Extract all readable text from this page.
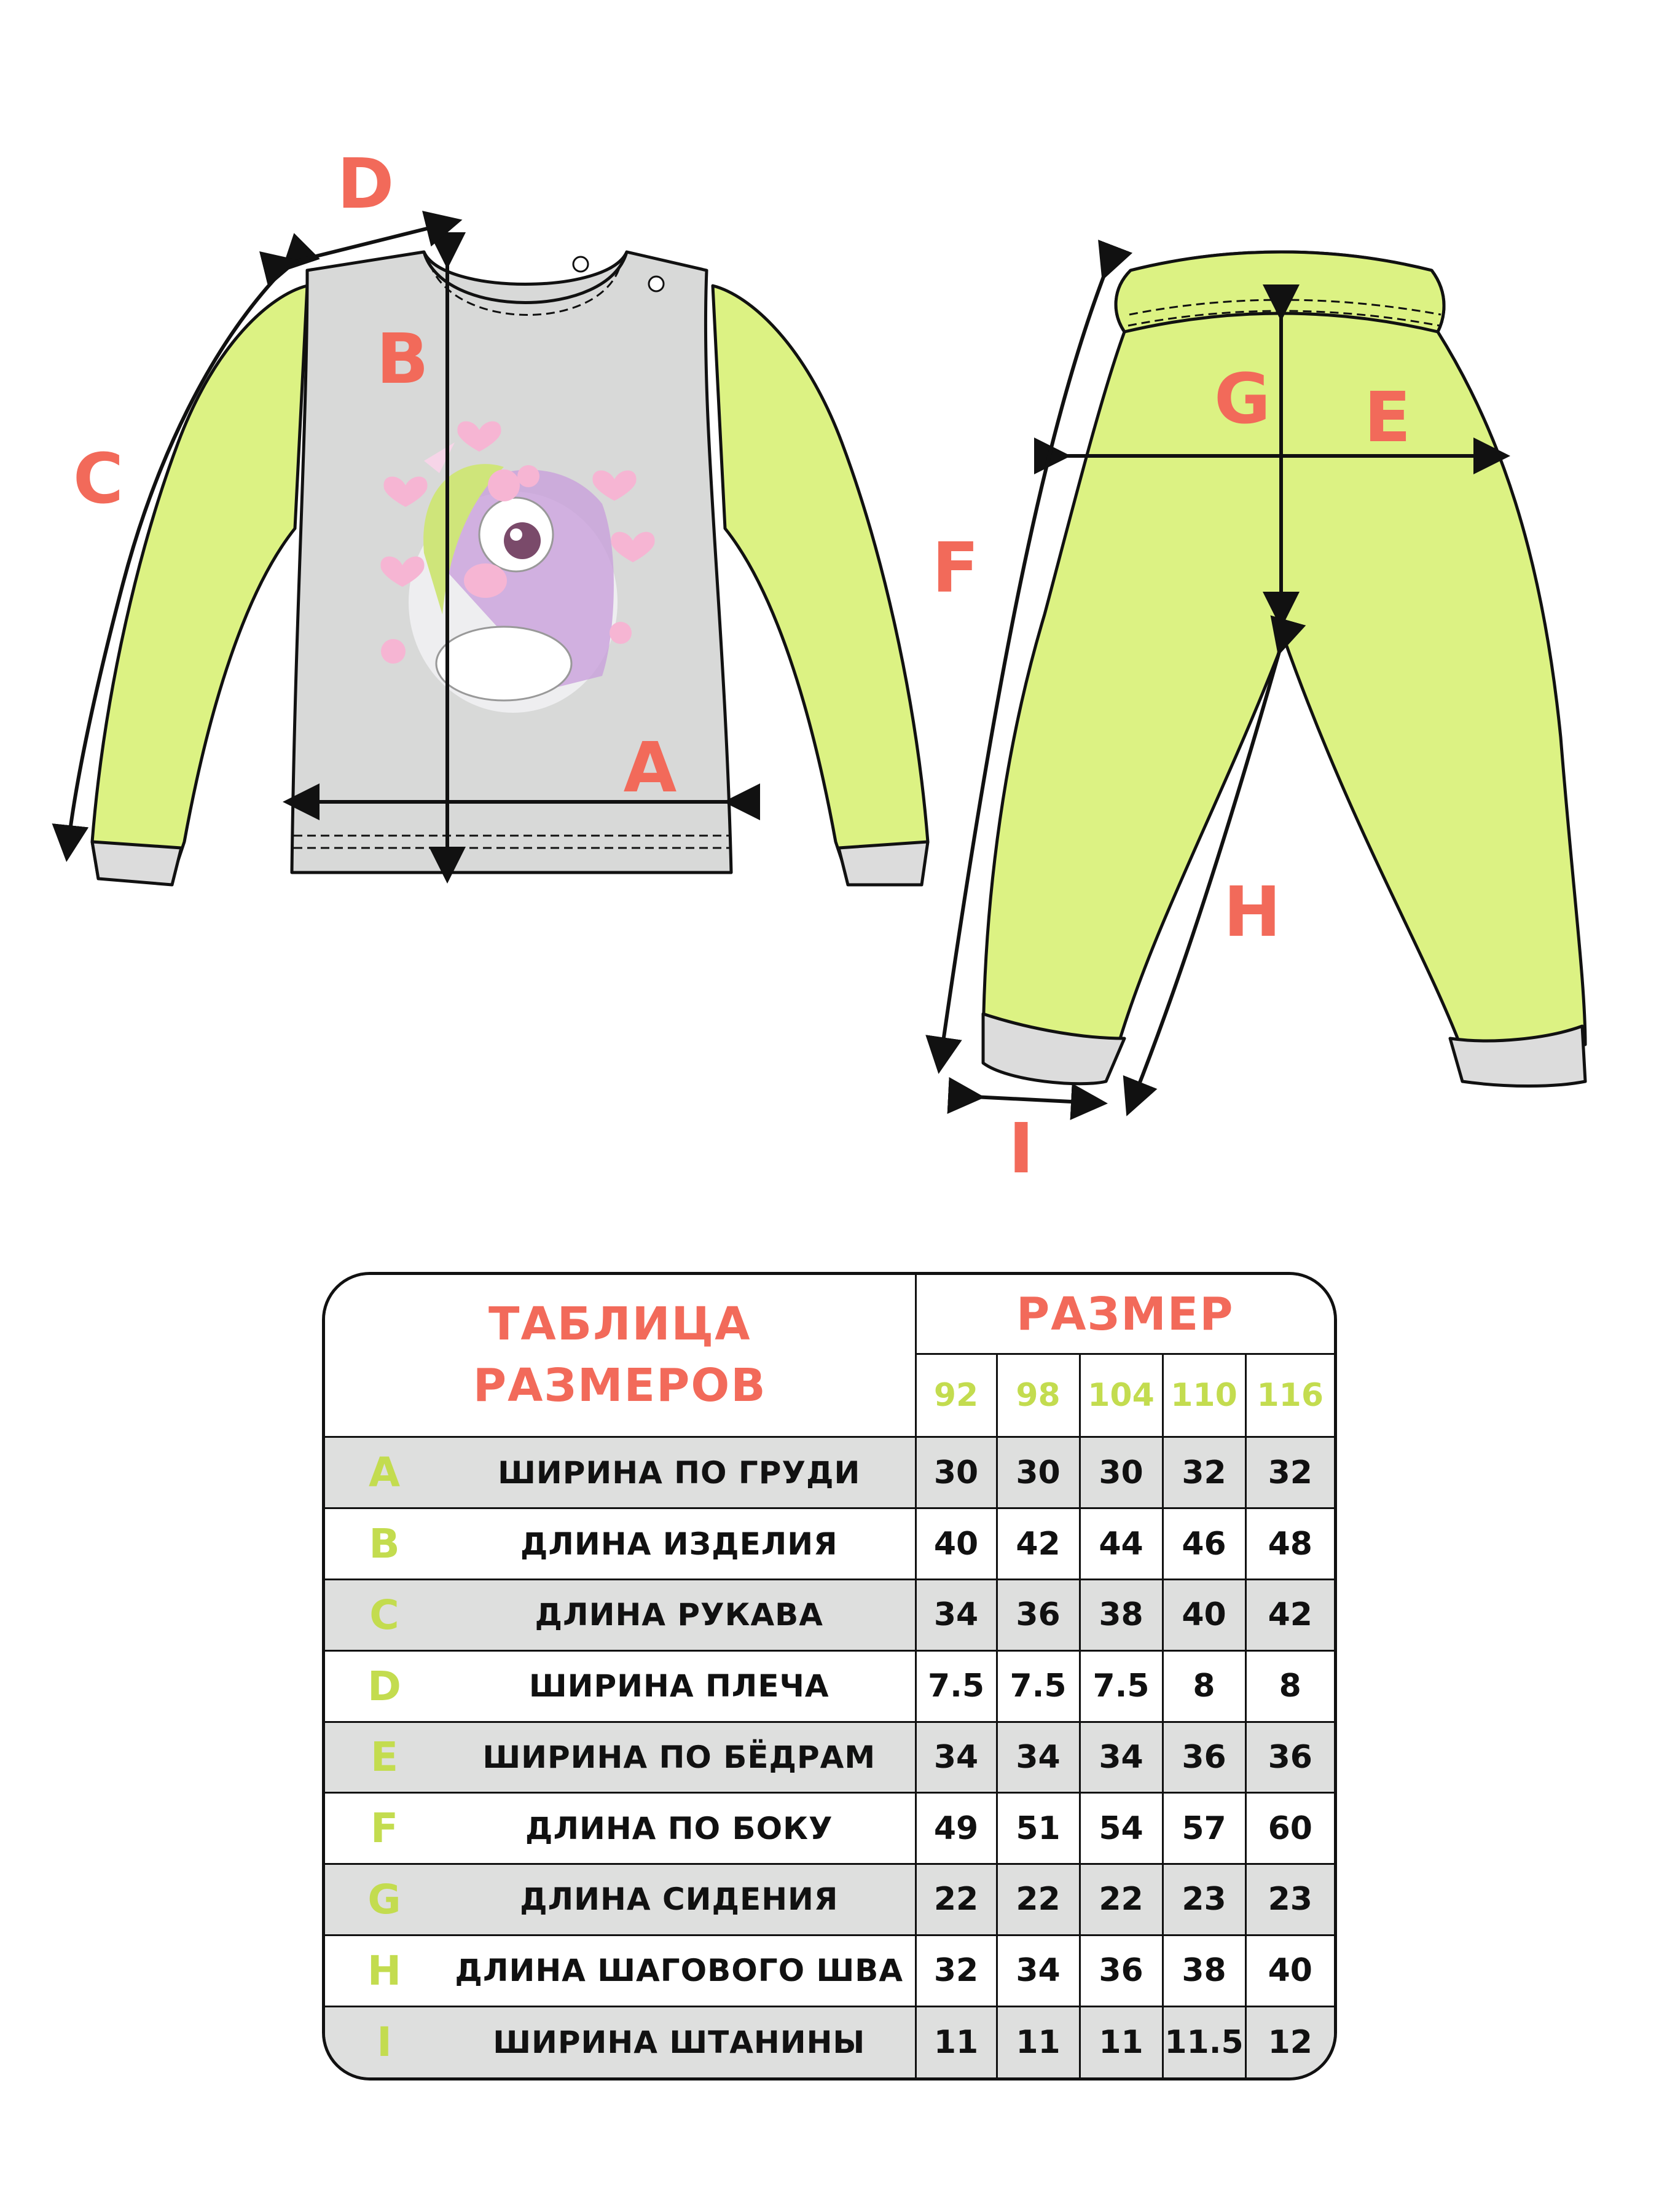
A
B
C
D
E
F
G
H
I
ТАБЛИЦА
РАЗМЕРОВ		РАЗМЕР				
		92	98	104	110	116
A	ШИРИНА ПО ГРУДИ	30	30	30	32	32
B	ДЛИНА ИЗДЕЛИЯ	40	42	44	46	48
C	ДЛИНА РУКАВА	34	36	38	40	42
D	ШИРИНА ПЛЕЧА	7.5	7.5	7.5	8	8
E	ШИРИНА ПО БЁДРАМ	34	34	34	36	36
F	ДЛИНА ПО БОКУ	49	51	54	57	60
G	ДЛИНА СИДЕНИЯ	22	22	22	23	23
H	ДЛИНА ШАГОВОГО ШВА	32	34	36	38	40
I	ШИРИНА ШТАНИНЫ	11	11	11	11.5	12
